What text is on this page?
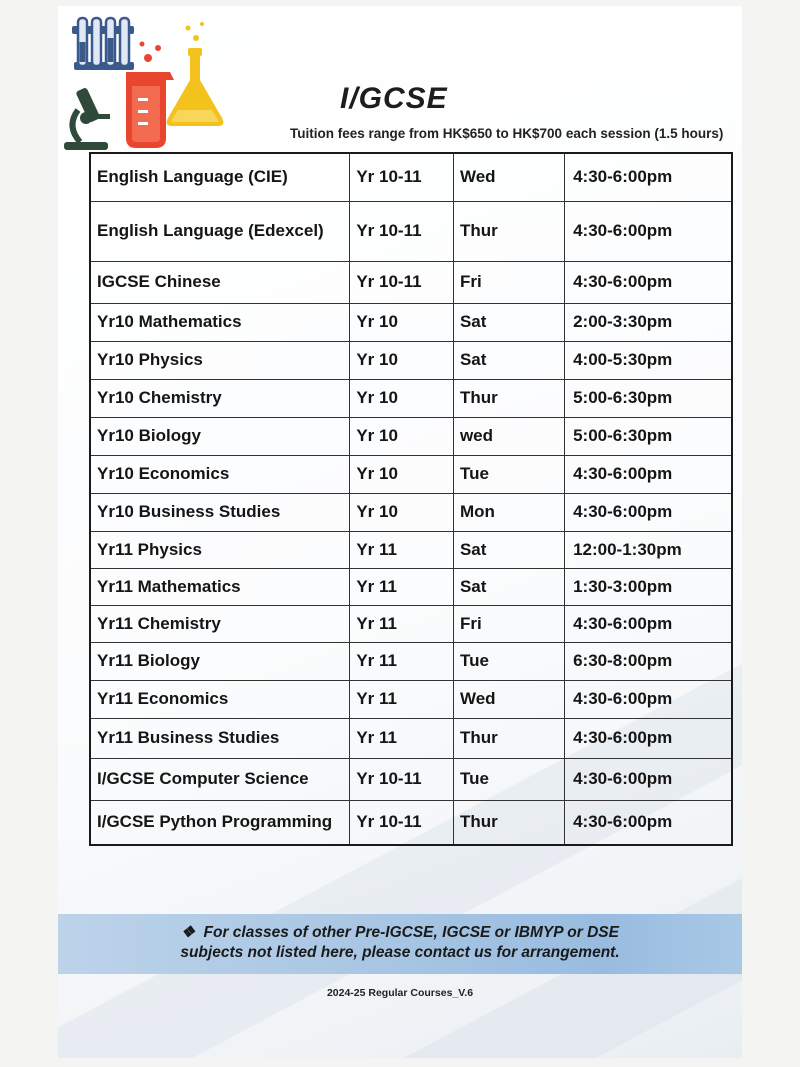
I/GCSE
Tuition fees range from HK$650 to HK$700 each session (1.5 hours)
English Language (CIE)	Yr 10-11	Wed	4:30-6:00pm
English Language (Edexcel)	Yr 10-11	Thur	4:30-6:00pm
IGCSE Chinese	Yr 10-11	Fri	4:30-6:00pm
Yr10 Mathematics	Yr 10	Sat	2:00-3:30pm
Yr10 Physics	Yr 10	Sat	4:00-5:30pm
Yr10 Chemistry	Yr 10	Thur	5:00-6:30pm
Yr10 Biology	Yr 10	wed	5:00-6:30pm
Yr10 Economics	Yr 10	Tue	4:30-6:00pm
Yr10 Business Studies	Yr 10	Mon	4:30-6:00pm
Yr11 Physics	Yr 11	Sat	12:00-1:30pm
Yr11 Mathematics	Yr 11	Sat	1:30-3:00pm
Yr11 Chemistry	Yr 11	Fri	4:30-6:00pm
Yr11 Biology	Yr 11	Tue	6:30-8:00pm
Yr11 Economics	Yr 11	Wed	4:30-6:00pm
Yr11 Business Studies	Yr 11	Thur	4:30-6:00pm
I/GCSE Computer Science	Yr 10-11	Tue	4:30-6:00pm
I/GCSE Python Programming	Yr 10-11	Thur	4:30-6:00pm
❖ For classes of other Pre-IGCSE, IGCSE or IBMYP or DSE
subjects not listed here, please contact us for arrangement.
2024-25 Regular Courses_V.6
